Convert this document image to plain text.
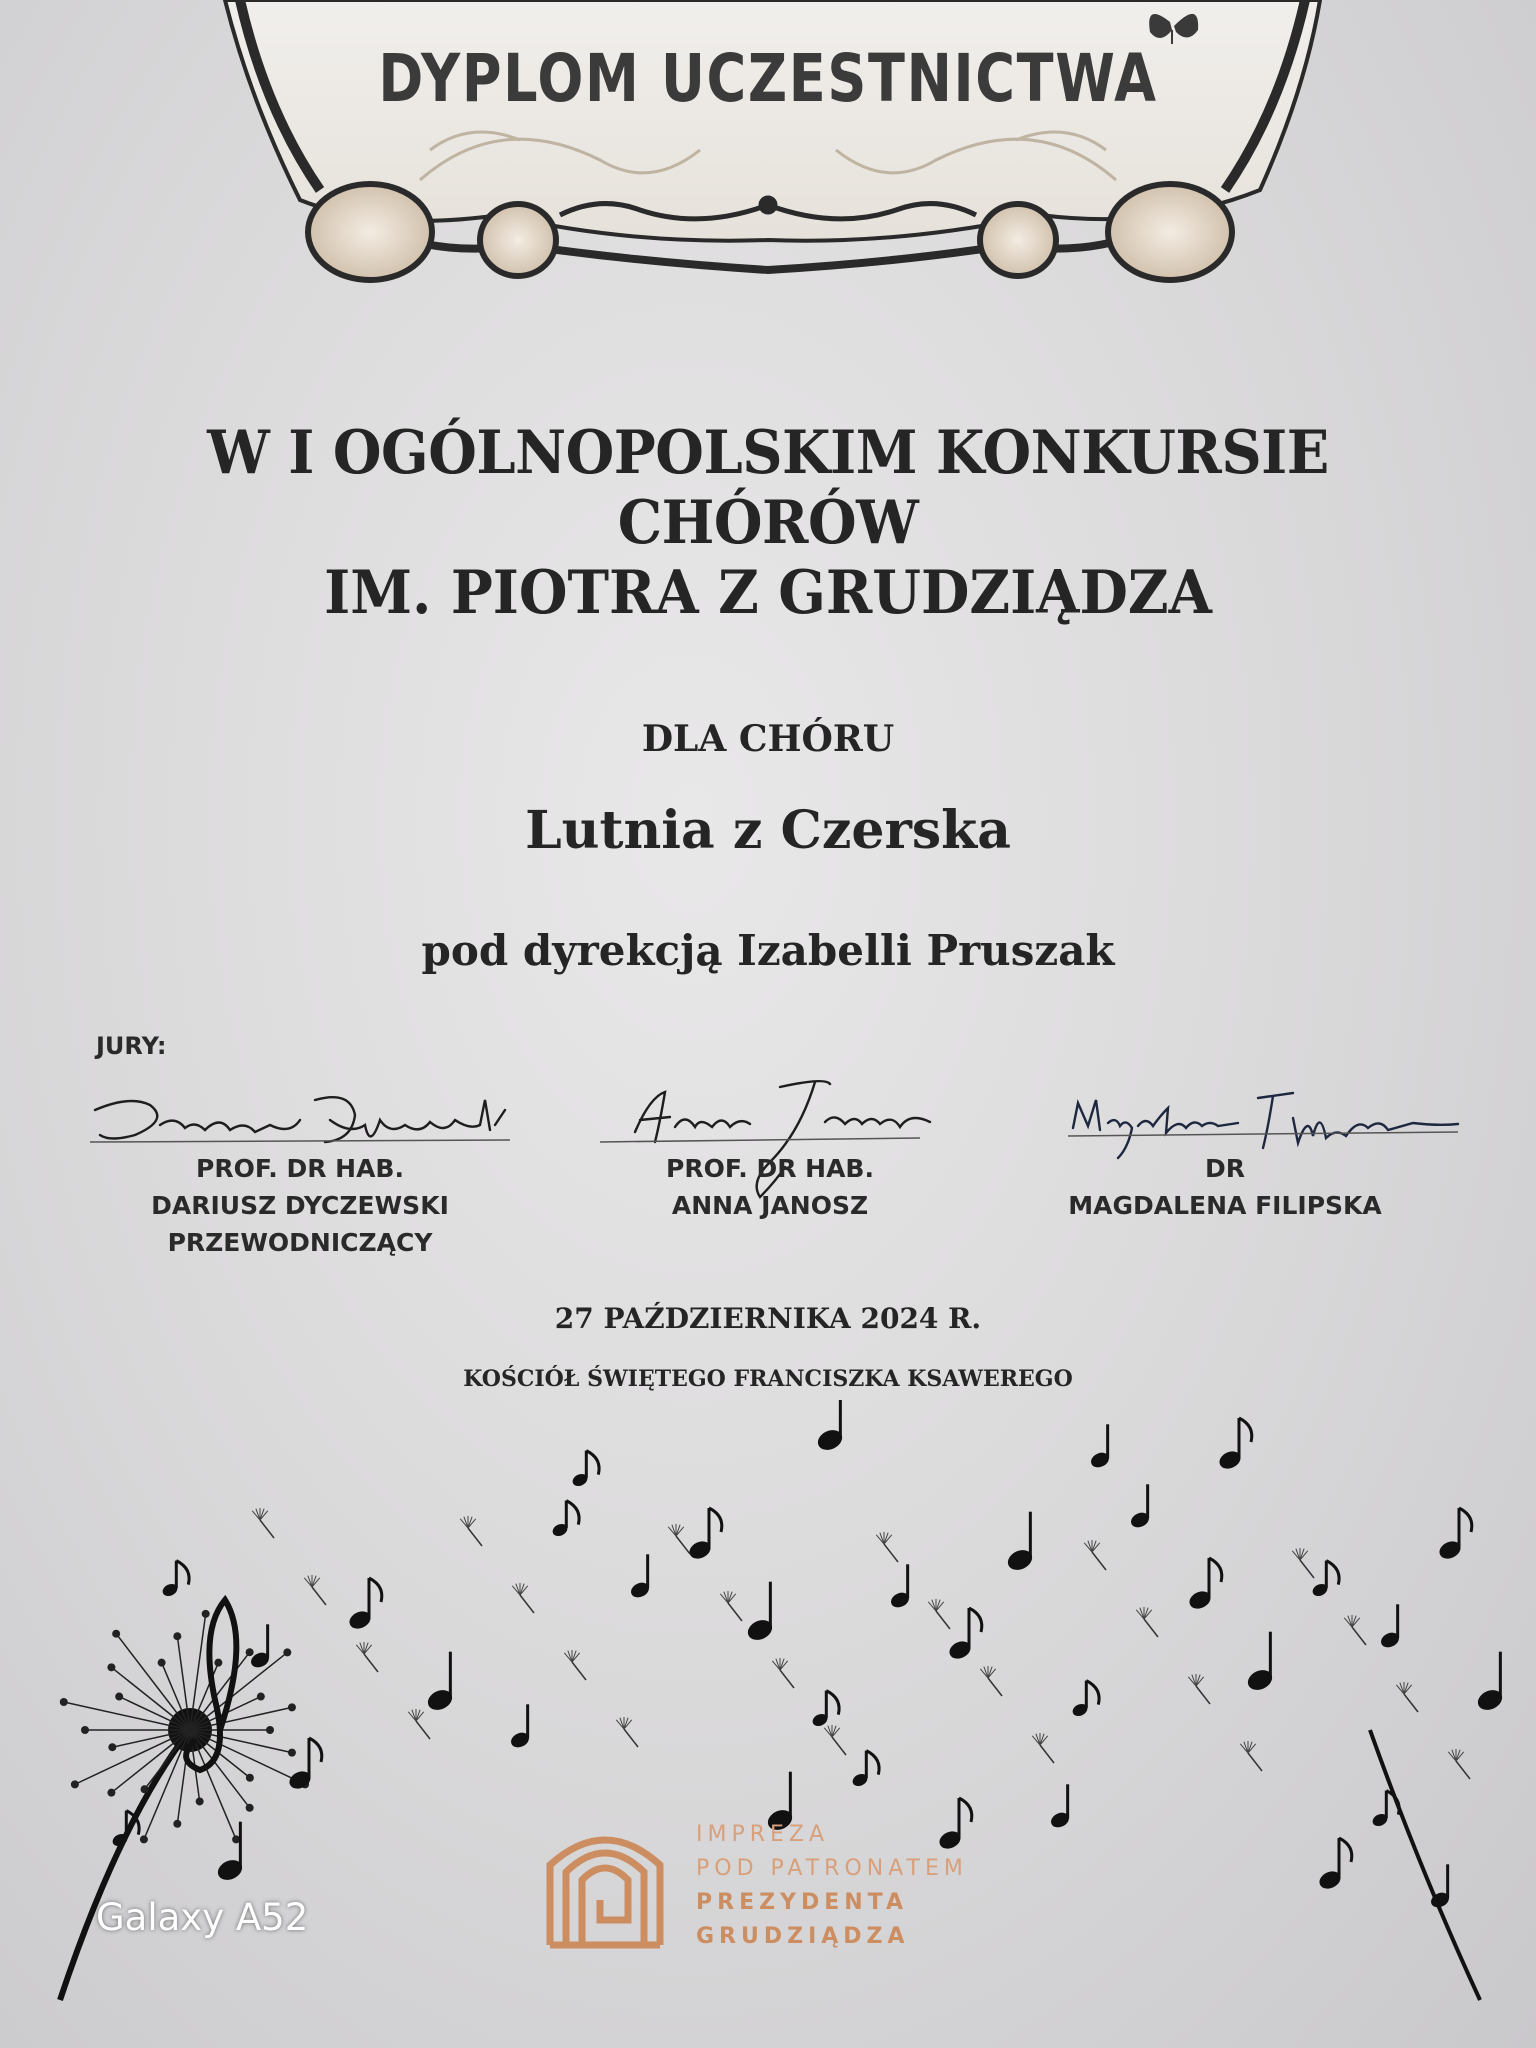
DYPLOM UCZESTNICTWA
W I OGÓLNOPOLSKIM KONKURSIE CHÓRÓW
IM. PIOTRA Z GRUDZIĄDZA
DLA CHÓRU
Lutnia z Czerska
pod dyrekcją Izabelli Pruszak
JURY:
PROF. DR HAB.
DARIUSZ DYCZEWSKI
PRZEWODNICZĄCY
PROF. DR HAB.
ANNA JANOSZ
DR
MAGDALENA FILIPSKA
27 PAŹDZIERNIKA 2024 R.
KOŚCIÓŁ ŚWIĘTEGO FRANCISZKA KSAWEREGO
IMPREZA
POD PATRONATEM
PREZYDENTA
GRUDZIĄDZA
Galaxy A52
